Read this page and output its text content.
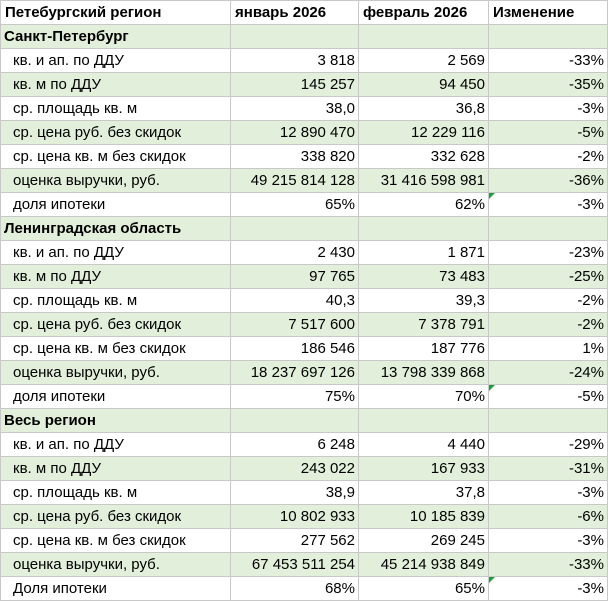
Петебургский регион	январь 2026	февраль 2026	Изменение
Санкт-Петербург			
кв. и ап. по ДДУ	3 818	2 569	-33%
кв. м по ДДУ	145 257	94 450	-35%
ср. площадь кв. м	38,0	36,8	-3%
ср. цена руб. без скидок	12 890 470	12 229 116	-5%
ср. цена кв. м без скидок	338 820	332 628	-2%
оценка выручки, руб.	49 215 814 128	31 416 598 981	-36%
доля ипотеки	65%	62%	-3%
Ленинградская область			
кв. и ап. по ДДУ	2 430	1 871	-23%
кв. м по ДДУ	97 765	73 483	-25%
ср. площадь кв. м	40,3	39,3	-2%
ср. цена руб. без скидок	7 517 600	7 378 791	-2%
ср. цена кв. м без скидок	186 546	187 776	1%
оценка выручки, руб.	18 237 697 126	13 798 339 868	-24%
доля ипотеки	75%	70%	-5%
Весь регион			
кв. и ап. по ДДУ	6 248	4 440	-29%
кв. м по ДДУ	243 022	167 933	-31%
ср. площадь кв. м	38,9	37,8	-3%
ср. цена руб. без скидок	10 802 933	10 185 839	-6%
ср. цена кв. м без скидок	277 562	269 245	-3%
оценка выручки, руб.	67 453 511 254	45 214 938 849	-33%
Доля ипотеки	68%	65%	-3%
